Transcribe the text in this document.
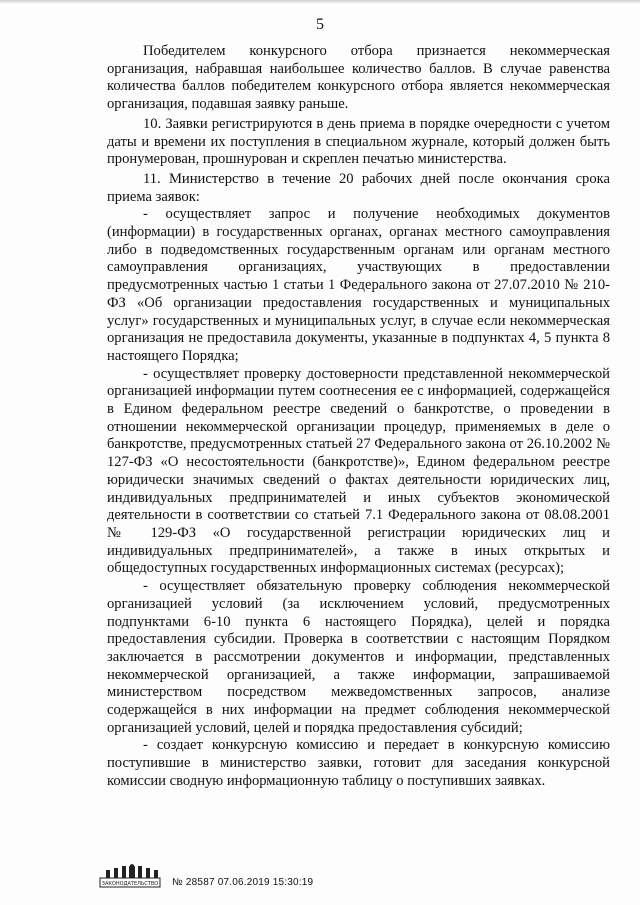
5

Победителем конкурсного отбора признается некоммерческая организация, набравшая наибольшее количество баллов. В случае равенства количества баллов победителем конкурсного отбора является некоммерческая организация, подавшая заявку раньше.

10. Заявки регистрируются в день приема в порядке очередности с учетом даты и времени их поступления в специальном журнале, который должен быть пронумерован, прошнурован и скреплен печатью министерства.

11. Министерство в течение 20 рабочих дней после окончания срока приема заявок:

- осуществляет запрос и получение необходимых документов (информации) в государственных органах, органах местного самоуправления либо в подведомственных государственным органам или органам местного самоуправления организациях, участвующих в предоставлении предусмотренных частью 1 статьи 1 Федерального закона от 27.07.2010 № 210-ФЗ «Об организации предоставления государственных и муниципальных услуг» государственных и муниципальных услуг, в случае если некоммерческая организация не предоставила документы, указанные в подпунктах 4, 5 пункта 8 настоящего Порядка;

- осуществляет проверку достоверности представленной некоммерческой организацией информации путем соотнесения ее с информацией, содержащейся в Едином федеральном реестре сведений о банкротстве, о проведении в отношении некоммерческой организации процедур, применяемых в деле о банкротстве, предусмотренных статьей 27 Федерального закона от 26.10.2002 № 127-ФЗ «О несостоятельности (банкротстве)», Едином федеральном реестре юридически значимых сведений о фактах деятельности юридических лиц, индивидуальных предпринимателей и иных субъектов экономической деятельности в соответствии со статьей 7.1 Федерального закона от 08.08.2001 № 129-ФЗ «О государственной регистрации юридических лиц и индивидуальных предпринимателей», а также в иных открытых и общедоступных государственных информационных системах (ресурсах);

- осуществляет обязательную проверку соблюдения некоммерческой организацией условий (за исключением условий, предусмотренных подпунктами 6-10 пункта 6 настоящего Порядка), целей и порядка предоставления субсидии. Проверка в соответствии с настоящим Порядком заключается в рассмотрении документов и информации, представленных некоммерческой организацией, а также информации, запрашиваемой министерством посредством межведомственных запросов, анализе содержащейся в них информации на предмет соблюдения некоммерческой организацией условий, целей и порядка предоставления субсидий;

- создает конкурсную комиссию и передает в конкурсную комиссию поступившие в министерство заявки, готовит для заседания конкурсной комиссии сводную информационную таблицу о поступивших заявках.

ЗАКОНОДАТЕЛЬСТВО № 28587 07.06.2019 15:30:19
